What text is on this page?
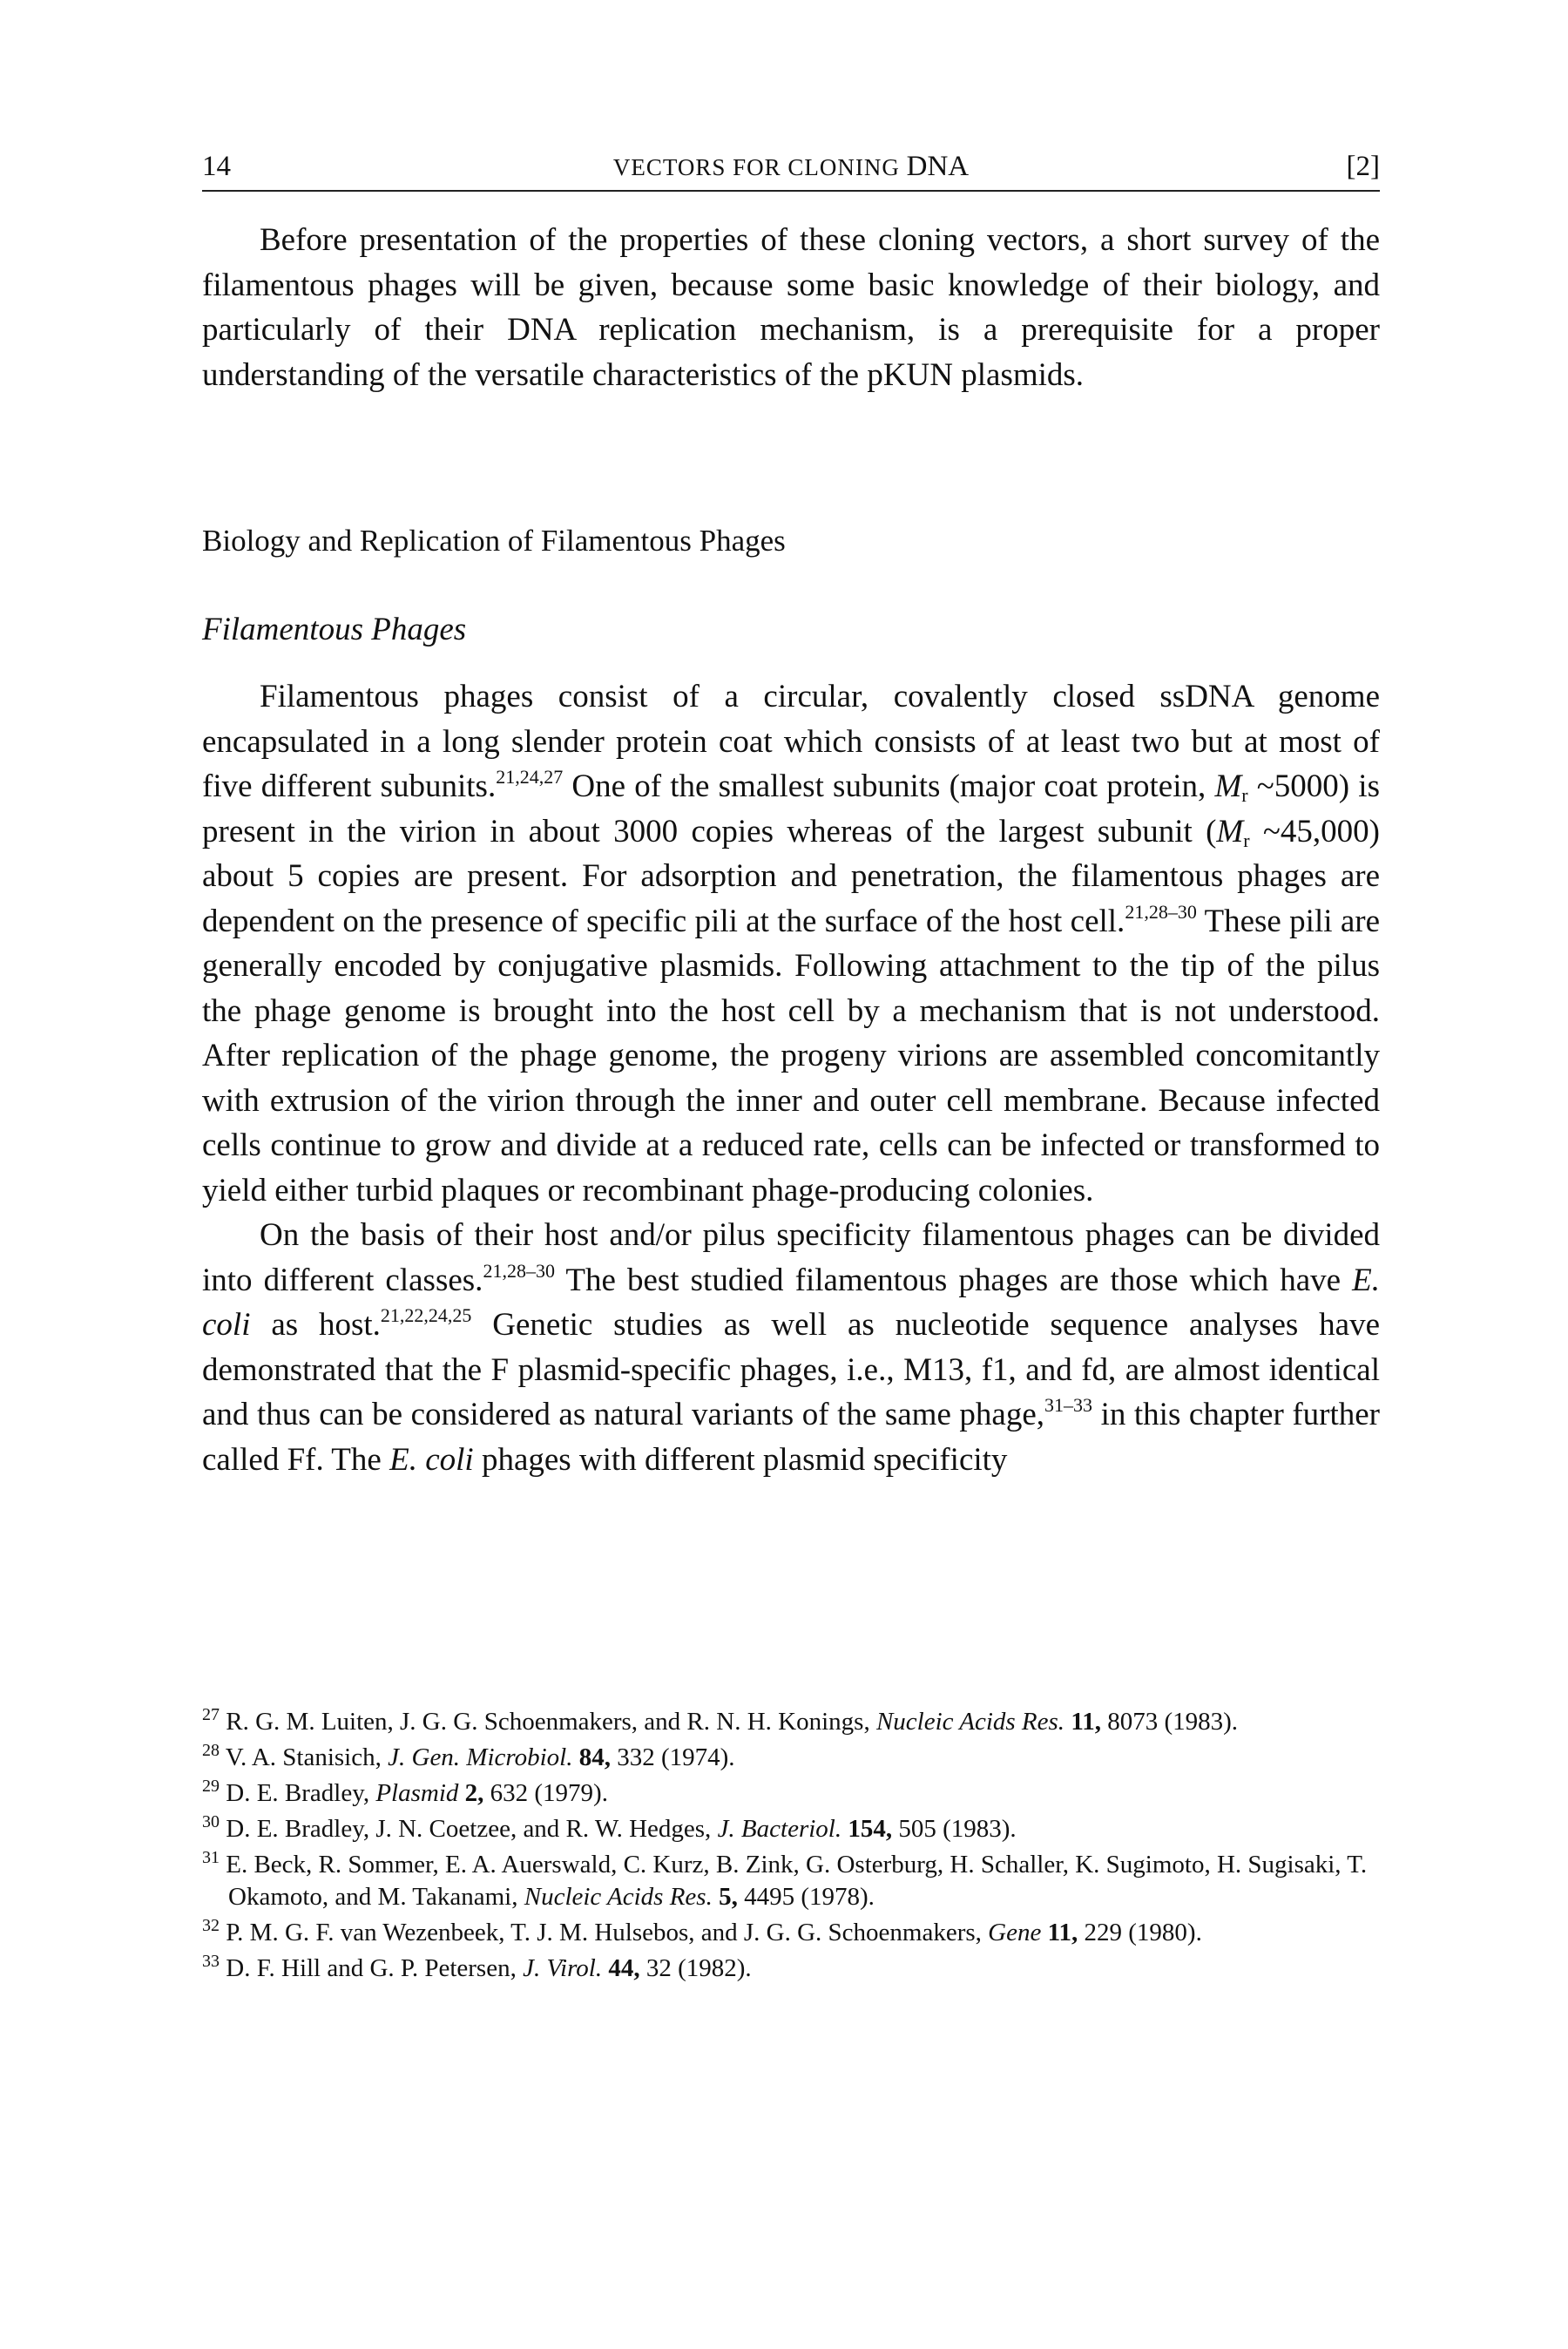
14	VECTORS FOR CLONING DNA	[2]

Before presentation of the properties of these cloning vectors, a short survey of the filamentous phages will be given, because some basic knowledge of their biology, and particularly of their DNA replication mechanism, is a prerequisite for a proper understanding of the versatile characteristics of the pKUN plasmids.

Biology and Replication of Filamentous Phages
Filamentous Phages

Filamentous phages consist of a circular, covalently closed ssDNA genome encapsulated in a long slender protein coat which consists of at least two but at most of five different subunits.$^{21,24,27}$ One of the smallest subunits (major coat protein, $M_r$ ~5000) is present in the virion in about 3000 copies whereas of the largest subunit ($M_r$ ~45,000) about 5 copies are present. For adsorption and penetration, the filamentous phages are dependent on the presence of specific pili at the surface of the host cell.$^{21,28-30}$ These pili are generally encoded by conjugative plasmids. Following attachment to the tip of the pilus the phage genome is brought into the host cell by a mechanism that is not understood. After replication of the phage genome, the progeny virions are assembled concomitantly with extrusion of the virion through the inner and outer cell membrane. Because infected cells continue to grow and divide at a reduced rate, cells can be infected or transformed to yield either turbid plaques or recombinant phage-producing colonies.

On the basis of their host and/or pilus specificity filamentous phages can be divided into different classes.$^{21,28-30}$ The best studied filamentous phages are those which have E. coli as host.$^{21,22,24,25}$ Genetic studies as well as nucleotide sequence analyses have demonstrated that the F plasmid-specific phages, i.e., M13, f1, and fd, are almost identical and thus can be considered as natural variants of the same phage,$^{31-33}$ in this chapter further called Ff. The E. coli phages with different plasmid specificity

$^{27}$ R. G. M. Luiten, J. G. G. Schoenmakers, and R. N. H. Konings, Nucleic Acids Res. 11, 8073 (1983).
$^{28}$ V. A. Stanisich, J. Gen. Microbiol. 84, 332 (1974).
$^{29}$ D. E. Bradley, Plasmid 2, 632 (1979).
$^{30}$ D. E. Bradley, J. N. Coetzee, and R. W. Hedges, J. Bacteriol. 154, 505 (1983).
$^{31}$ E. Beck, R. Sommer, E. A. Auerswald, C. Kurz, B. Zink, G. Osterburg, H. Schaller, K. Sugimoto, H. Sugisaki, T. Okamoto, and M. Takanami, Nucleic Acids Res. 5, 4495 (1978).
$^{32}$ P. M. G. F. van Wezenbeek, T. J. M. Hulsebos, and J. G. G. Schoenmakers, Gene 11, 229 (1980).
$^{33}$ D. F. Hill and G. P. Petersen, J. Virol. 44, 32 (1982).
